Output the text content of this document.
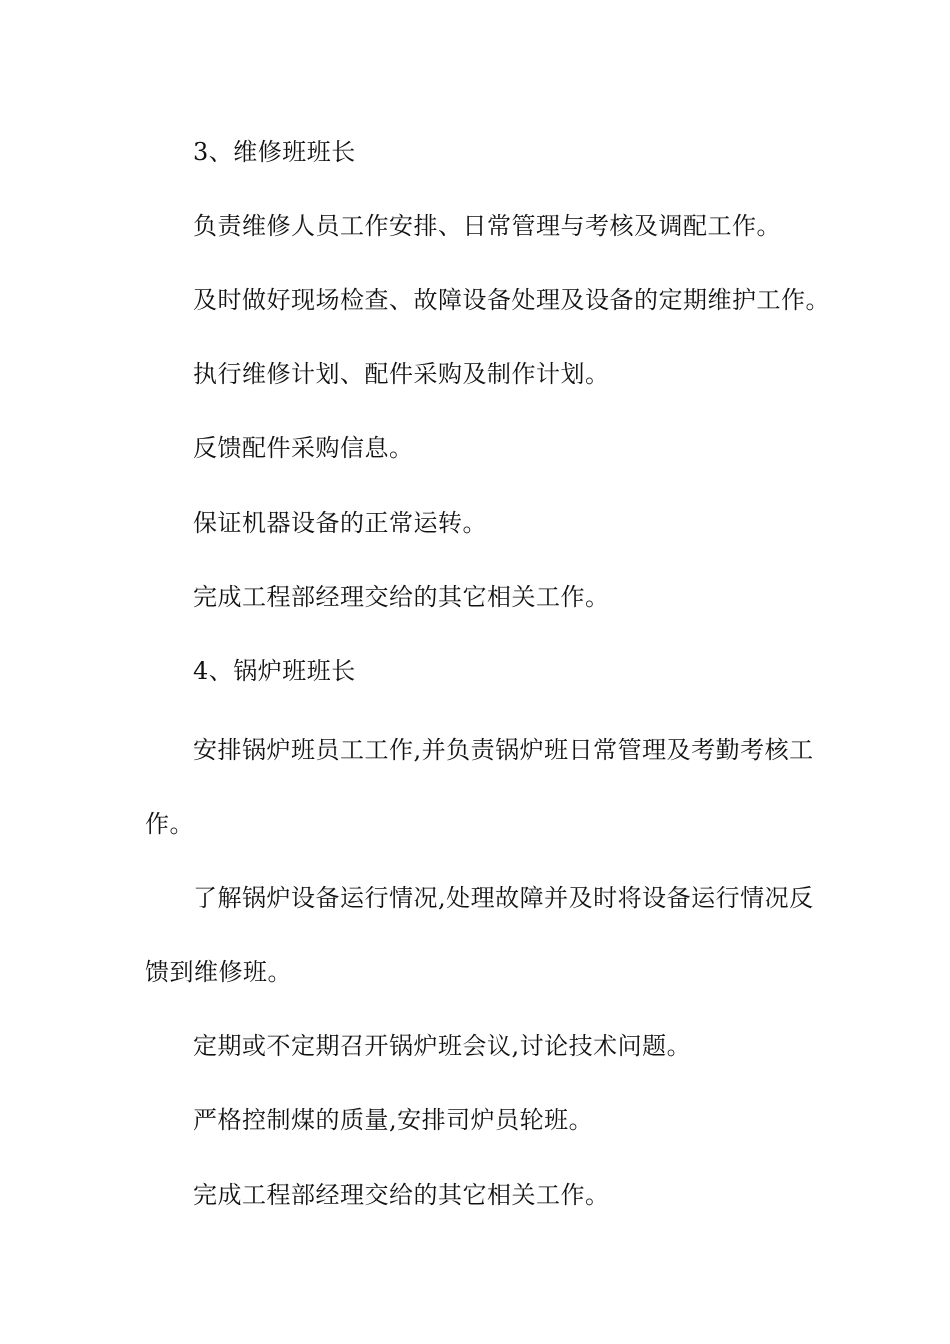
3、维修班班长
负责维修人员工作安排、日常管理与考核及调配工作。
及时做好现场检查、故障设备处理及设备的定期维护工作。
执行维修计划、配件采购及制作计划。
反馈配件采购信息。
保证机器设备的正常运转。
完成工程部经理交给的其它相关工作。
4、锅炉班班长
安排锅炉班员工工作,并负责锅炉班日常管理及考勤考核工
作。
了解锅炉设备运行情况,处理故障并及时将设备运行情况反
馈到维修班。
定期或不定期召开锅炉班会议,讨论技术问题。
严格控制煤的质量,安排司炉员轮班。
完成工程部经理交给的其它相关工作。
